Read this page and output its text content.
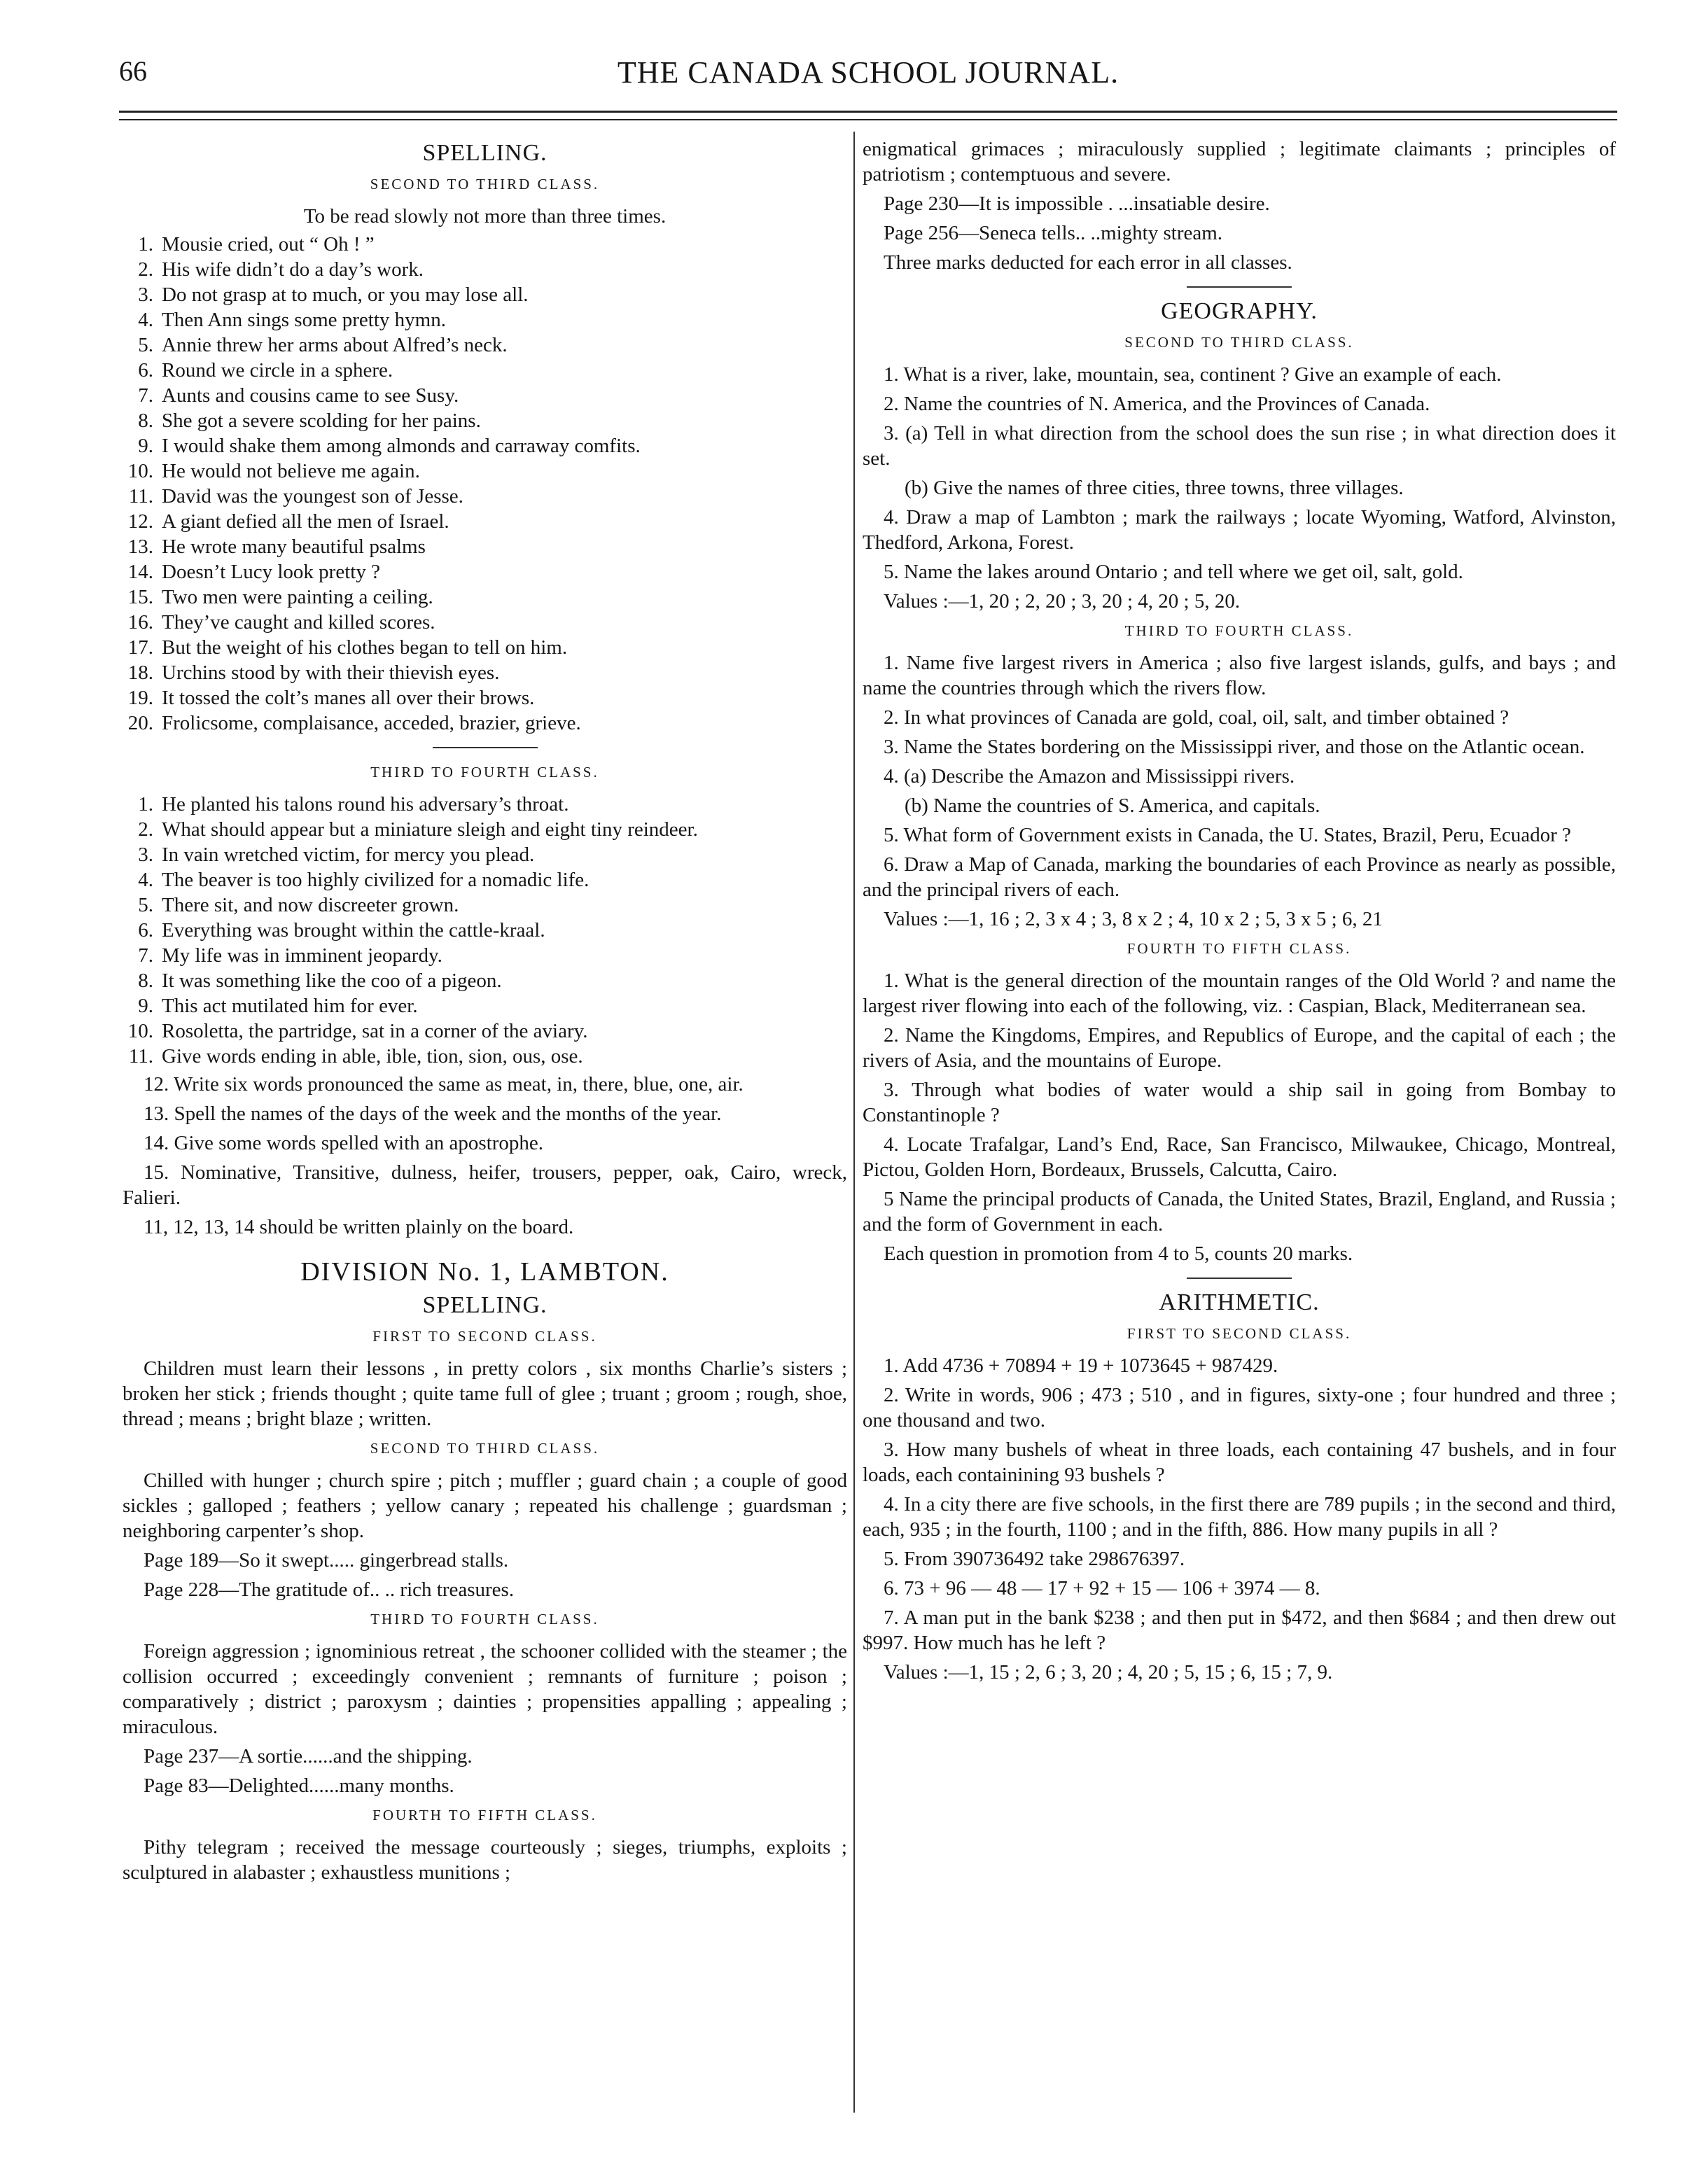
66	THE CANADA SCHOOL JOURNAL.
SPELLING.
SECOND TO THIRD CLASS.
To be read slowly not more than three times.
1. Mousie cried, out “ Oh ! ”
2. His wife didn’t do a day’s work.
3. Do not grasp at to much, or you may lose all.
4. Then Ann sings some pretty hymn.
5. Annie threw her arms about Alfred’s neck.
6. Round we circle in a sphere.
7. Aunts and cousins came to see Susy.
8. She got a severe scolding for her pains.
9. I would shake them among almonds and carraway comfits.
10. He would not believe me again.
11. David was the youngest son of Jesse.
12. A giant defied all the men of Israel.
13. He wrote many beautiful psalms
14. Doesn’t Lucy look pretty ?
15. Two men were painting a ceiling.
16. They’ve caught and killed scores.
17. But the weight of his clothes began to tell on him.
18. Urchins stood by with their thievish eyes.
19. It tossed the colt’s manes all over their brows.
20. Frolicsome, complaisance, acceded, brazier, grieve.
THIRD TO FOURTH CLASS.
1. He planted his talons round his adversary’s throat.
2. What should appear but a miniature sleigh and eight tiny reindeer.
3. In vain wretched victim, for mercy you plead.
4. The beaver is too highly civilized for a nomadic life.
5. There sit, and now discreeter grown.
6. Everything was brought within the cattle-kraal.
7. My life was in imminent jeopardy.
8. It was something like the coo of a pigeon.
9. This act mutilated him for ever.
10. Rosoletta, the partridge, sat in a corner of the aviary.
11. Give words ending in able, ible, tion, sion, ous, ose.

12. Write six words pronounced the same as meat, in, there, blue, one, air.

13. Spell the names of the days of the week and the months of the year.

14. Give some words spelled with an apostrophe.

15. Nominative, Transitive, dulness, heifer, trousers, pepper, oak, Cairo, wreck, Falieri.

11, 12, 13, 14 should be written plainly on the board.

DIVISION No. 1, LAMBTON.
SPELLING.
FIRST TO SECOND CLASS.

Children must learn their lessons , in pretty colors , six months Charlie’s sisters ; broken her stick ; friends thought ; quite tame full of glee ; truant ; groom ; rough, shoe, thread ; means ; bright blaze ; written.

SECOND TO THIRD CLASS.

Chilled with hunger ; church spire ; pitch ; muffler ; guard chain ; a couple of good sickles ; galloped ; feathers ; yellow canary ; repeated his challenge ; guardsman ; neighboring carpenter’s shop.

Page 189—So it swept..... gingerbread stalls.

Page 228—The gratitude of.. .. rich treasures.

THIRD TO FOURTH CLASS.

Foreign aggression ; ignominious retreat , the schooner collided with the steamer ; the collision occurred ; exceedingly convenient ; remnants of furniture ; poison ; comparatively ; district ; paroxysm ; dainties ; propensities appalling ; appealing ; miraculous.

Page 237—A sortie......and the shipping.

Page 83—Delighted......many months.

FOURTH TO FIFTH CLASS.

Pithy telegram ; received the message courteously ; sieges, triumphs, exploits ; sculptured in alabaster ; exhaustless munitions ;

enigmatical grimaces ; miraculously supplied ; legitimate claimants ; principles of patriotism ; contemptuous and severe.

Page 230—It is impossible . ...insatiable desire.

Page 256—Seneca tells.. ..mighty stream.

Three marks deducted for each error in all classes.

GEOGRAPHY.
SECOND TO THIRD CLASS.

1. What is a river, lake, mountain, sea, continent ? Give an example of each.

2. Name the countries of N. America, and the Provinces of Canada.

3. (a) Tell in what direction from the school does the sun rise ; in what direction does it set.

(b) Give the names of three cities, three towns, three villages.

4. Draw a map of Lambton ; mark the railways ; locate Wyoming, Watford, Alvinston, Thedford, Arkona, Forest.

5. Name the lakes around Ontario ; and tell where we get oil, salt, gold.

Values :—1, 20 ; 2, 20 ; 3, 20 ; 4, 20 ; 5, 20.

THIRD TO FOURTH CLASS.

1. Name five largest rivers in America ; also five largest islands, gulfs, and bays ; and name the countries through which the rivers flow.

2. In what provinces of Canada are gold, coal, oil, salt, and timber obtained ?

3. Name the States bordering on the Mississippi river, and those on the Atlantic ocean.

4. (a) Describe the Amazon and Mississippi rivers.

(b) Name the countries of S. America, and capitals.

5. What form of Government exists in Canada, the U. States, Brazil, Peru, Ecuador ?

6. Draw a Map of Canada, marking the boundaries of each Province as nearly as possible, and the principal rivers of each.

Values :—1, 16 ; 2, 3 x 4 ; 3, 8 x 2 ; 4, 10 x 2 ; 5, 3 x 5 ; 6, 21

FOURTH TO FIFTH CLASS.

1. What is the general direction of the mountain ranges of the Old World ? and name the largest river flowing into each of the following, viz. : Caspian, Black, Mediterranean sea.

2. Name the Kingdoms, Empires, and Republics of Europe, and the capital of each ; the rivers of Asia, and the mountains of Europe.

3. Through what bodies of water would a ship sail in going from Bombay to Constantinople ?

4. Locate Trafalgar, Land’s End, Race, San Francisco, Milwaukee, Chicago, Montreal, Pictou, Golden Horn, Bordeaux, Brussels, Calcutta, Cairo.

5 Name the principal products of Canada, the United States, Brazil, England, and Russia ; and the form of Government in each.

Each question in promotion from 4 to 5, counts 20 marks.

ARITHMETIC.
FIRST TO SECOND CLASS.

1. Add 4736 + 70894 + 19 + 1073645 + 987429.

2. Write in words, 906 ; 473 ; 510 , and in figures, sixty-one ; four hundred and three ; one thousand and two.

3. How many bushels of wheat in three loads, each containing 47 bushels, and in four loads, each containining 93 bushels ?

4. In a city there are five schools, in the first there are 789 pupils ; in the second and third, each, 935 ; in the fourth, 1100 ; and in the fifth, 886. How many pupils in all ?

5. From 390736492 take 298676397.

6. 73 + 96 — 48 — 17 + 92 + 15 — 106 + 3974 — 8.

7. A man put in the bank $238 ; and then put in $472, and then $684 ; and then drew out $997. How much has he left ?

Values :—1, 15 ; 2, 6 ; 3, 20 ; 4, 20 ; 5, 15 ; 6, 15 ; 7, 9.
